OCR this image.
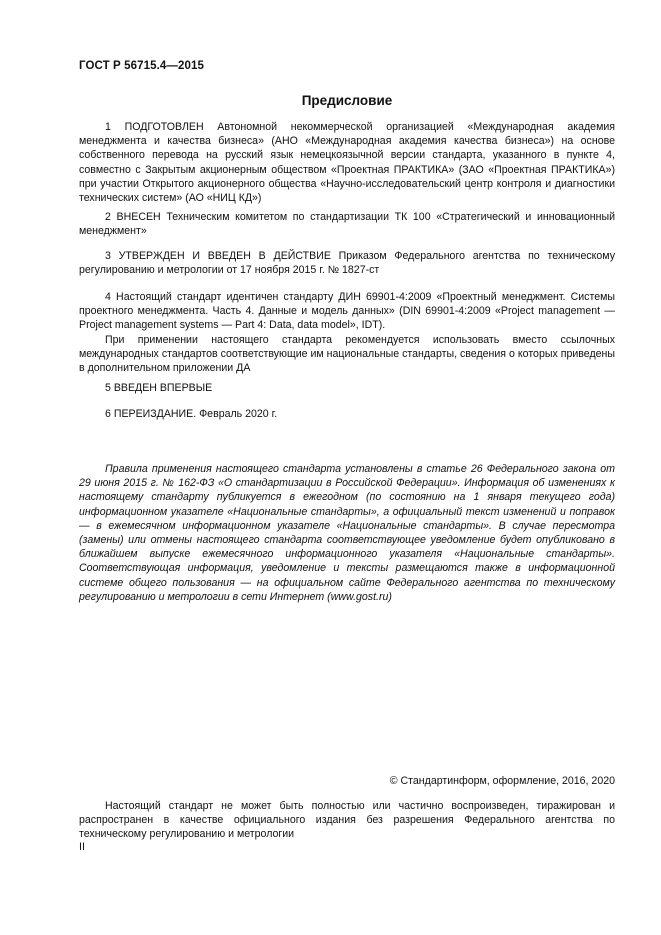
ГОСТ Р 56715.4—2015
Предисловие

1 ПОДГОТОВЛЕН Автономной некоммерческой организацией «Международная академия менеджмента и качества бизнеса» (АНО «Международная академия качества бизнеса») на основе собственного перевода на русский язык немецкоязычной версии стандарта, указанного в пункте 4, совместно с Закрытым акционерным обществом «Проектная ПРАКТИКА» (ЗАО «Проектная ПРАКТИКА») при участии Открытого акционерного общества «Научно-исследовательский центр контроля и диагностики технических систем» (АО «НИЦ КД»)

2 ВНЕСЕН Техническим комитетом по стандартизации ТК 100 «Стратегический и инновационный менеджмент»

3 УТВЕРЖДЕН И ВВЕДЕН В ДЕЙСТВИЕ Приказом Федерального агентства по техническому регулированию и метрологии от 17 ноября 2015 г. № 1827-ст

4 Настоящий стандарт идентичен стандарту ДИН 69901-4:2009 «Проектный менеджмент. Системы проектного менеджмента. Часть 4. Данные и модель данных» (DIN 69901-4:2009 «Project management — Project management systems — Part 4: Data, data model», IDT).

При применении настоящего стандарта рекомендуется использовать вместо ссылочных международных стандартов соответствующие им национальные стандарты, сведения о которых приведены в дополнительном приложении ДА

5 ВВЕДЕН ВПЕРВЫЕ

6 ПЕРЕИЗДАНИЕ. Февраль 2020 г.

Правила применения настоящего стандарта установлены в статье 26 Федерального закона от 29 июня 2015 г. № 162-ФЗ «О стандартизации в Российской Федерации». Информация об изменениях к настоящему стандарту публикуется в ежегодном (по состоянию на 1 января текущего года) информационном указателе «Национальные стандарты», а официальный текст изменений и поправок — в ежемесячном информационном указателе «Национальные стандарты». В случае пересмотра (замены) или отмены настоящего стандарта соответствующее уведомление будет опубликовано в ближайшем выпуске ежемесячного информационного указателя «Национальные стандарты». Соответствующая информация, уведомление и тексты размещаются также в информационной системе общего пользования — на официальном сайте Федерального агентства по техническому регулированию и метрологии в сети Интернет (www.gost.ru)

© Стандартинформ, оформление, 2016, 2020

Настоящий стандарт не может быть полностью или частично воспроизведен, тиражирован и распространен в качестве официального издания без разрешения Федерального агентства по техническому регулированию и метрологии

II
